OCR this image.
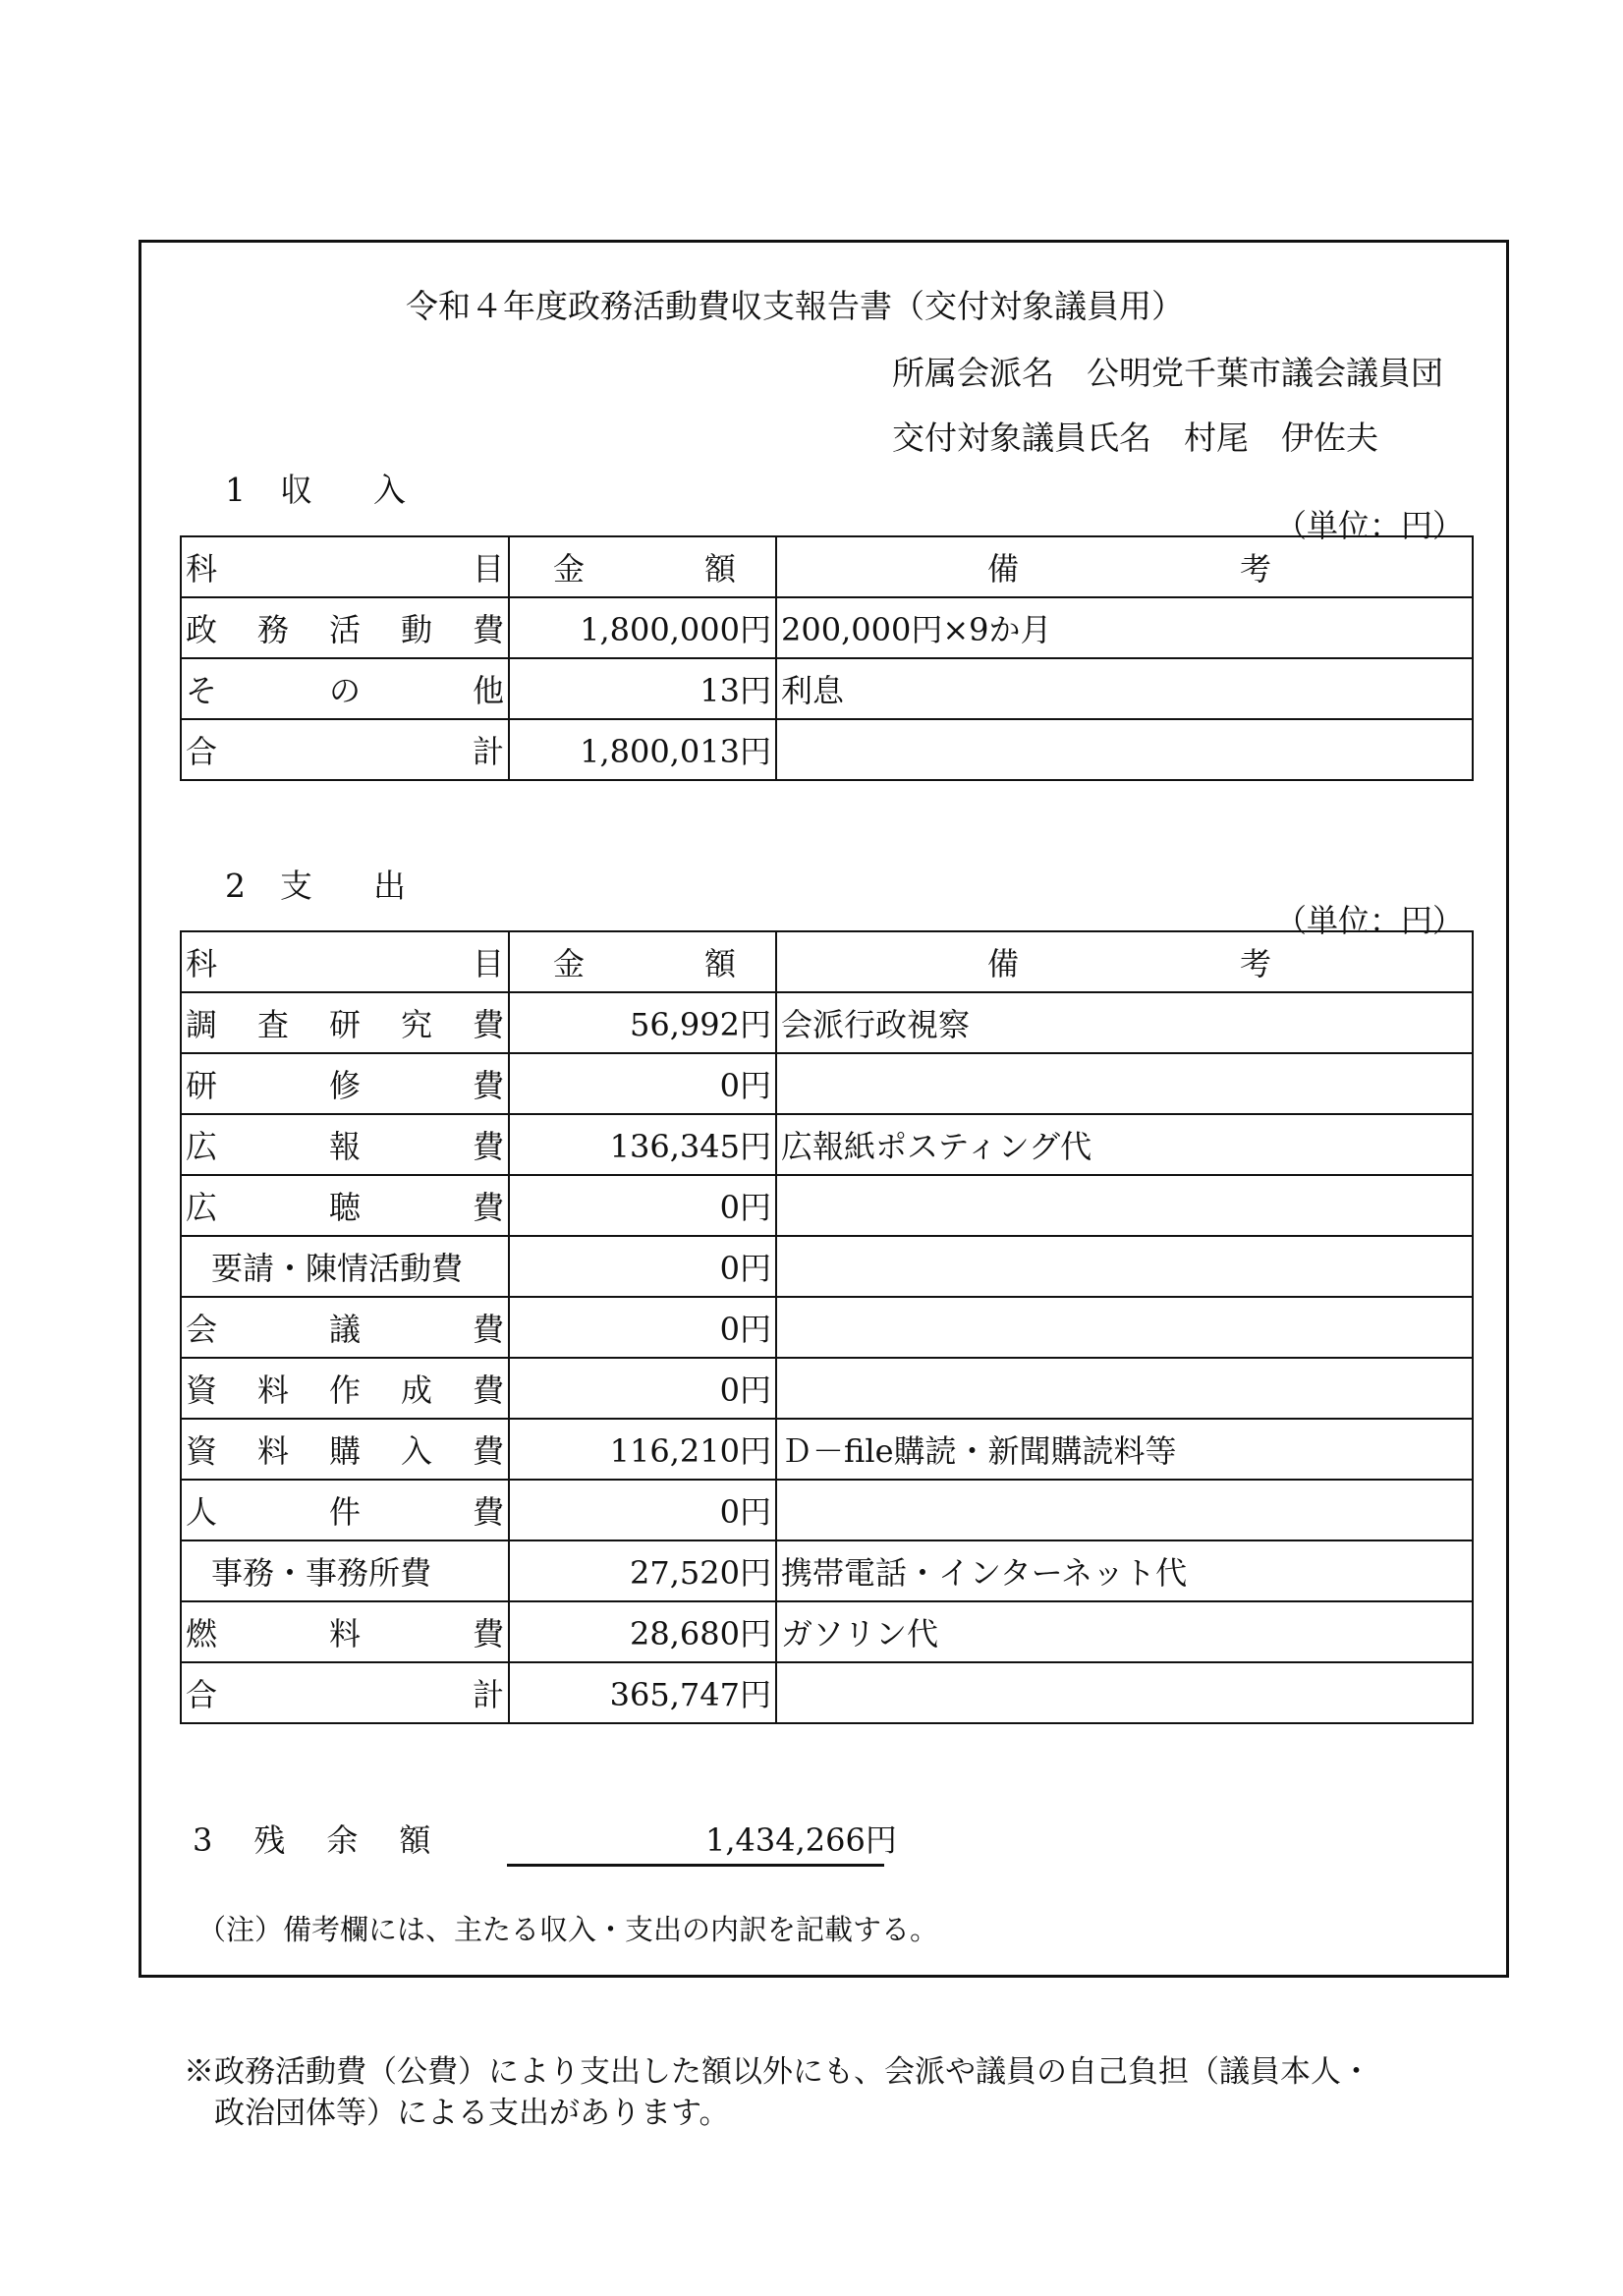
令和４年度政務活動費収支報告書（交付対象議員用）
所属会派名　 公明党千葉市議会議員団
交付対象議員氏名　 村尾　伊佐夫
1 収 入
（単位：円）
科 目	金 額	備 考

政 務 活 動 費	1,800,000円	200,000円×9か月

そ の 他	13円	利息

合 計	1,800,013円	
2 支 出
（単位：円）
科 目	金 額	備 考

調 査 研 究 費	56,992円	会派行政視察

研 修 費	0円	

広 報 費	136,345円	広報紙ポスティング代

広 聴 費	0円	

要請・陳情活動費	0円	

会 議 費	0円	

資 料 作 成 費	0円	

資 料 購 入 費	116,210円	Ｄ－file購読・新聞購読料等

人 件 費	0円	

事務・事務所費	27,520円	携帯電話・インターネット代

燃 料 費	28,680円	ガソリン代

合 計	365,747円	
3 残 余 額	1,434,266円
（注）備考欄には、主たる収入・支出の内訳を記載する。
※政務活動費（公費）により支出した額以外にも、会派や議員の自己負担（議員本人・
政治団体等）による支出があります。
